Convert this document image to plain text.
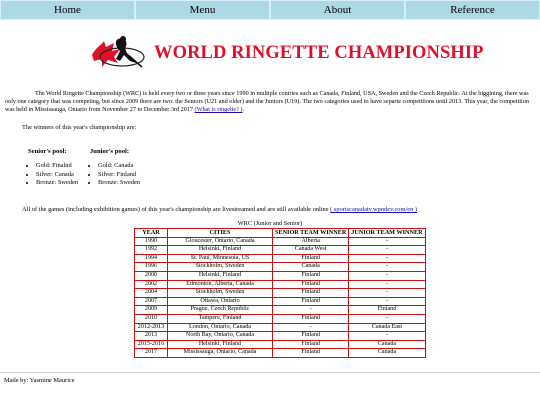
Home	Menu	About	Reference
WORLD RINGETTE CHAMPIONSHIP

The World Ringette Championship (WRC) is held every two or three years since 1990 in multiple contries such as Canada, Finland, USA, Sweden and the Czech Republic. At the biggining, there was only one category that was competing, but since 2009 there are two: the Seniors (U21 and older) and the Juniors (U19). The two categories used to have separte competitions until 2013. This year, the competition was held in Mississauga, Ontario from November 27 to December 3rd 2017 (What is ringette? ).

The winners of this year's championship are:

Senior's pool:
• Gold: Finalnd
• Silver: Canada
• Bronze: Sweden
Junior's pool:
• Gold: Canada
• Silver: Finland
• Bronze: Sweden

All of the games (including exhibition games) of this year's championship are livestreamed and are still available online ( sportscanadatv.wpndev.com/en )

WRC (Junior and Senior)
YEAR	CITIES	SENIOR TEAM WINNER	JUNIOR TEAM WINNER
1990	Gloucester, Ontario, Canada	Alberta	-
1992	Helsinki, Finland	Canada West	-
1994	St. Paul, Minnesota, US	Finland	-
1996	Stockholm, Sweden	Canada	-
2000	Helsinki, Finland	Finland	-
2002	Edmonton, Alberta, Canada	Finland	-
2004	Stockholm, Sweden	Finland	-
2007	Ottawa, Ontario	Finland	-
2009	Prague, Czech Republic	-	Finland
2010	Tampere, Finland	Finland	-
2012-2013	London, Ontario, Canada	-	Canada East
2013	North Bay, Ontario, Canada	Finland	-
2015-2016	Helsinki, Finland	Finland	Canada
2017	Mississauga, Ontario, Canada	Finland	Canada

Made by: Yasmine Maurice
